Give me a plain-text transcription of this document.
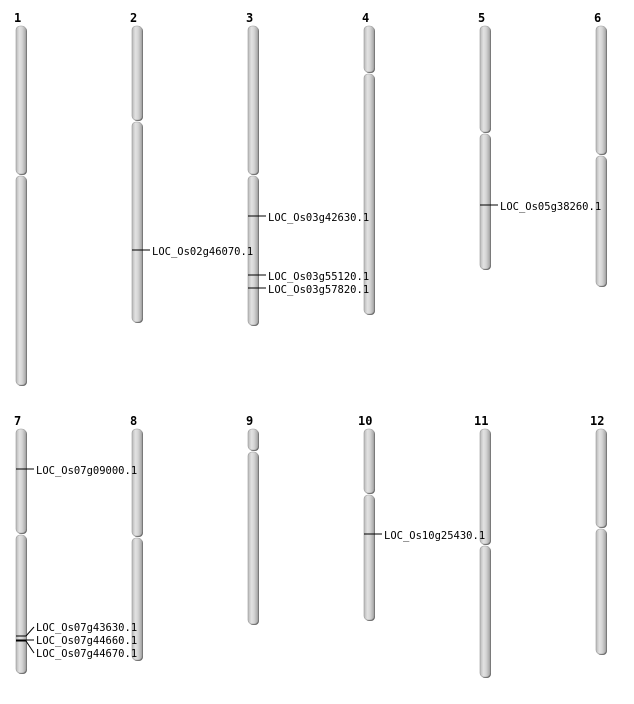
1	2	3	4	5	6
7	8	9	10	11	12
LOC_Os02g46070.1
LOC_Os03g42630.1
LOC_Os03g55120.1
LOC_Os03g57820.1
LOC_Os05g38260.1
LOC_Os07g09000.1
LOC_Os07g43630.1
LOC_Os07g44660.1
LOC_Os07g44670.1
LOC_Os10g25430.1
